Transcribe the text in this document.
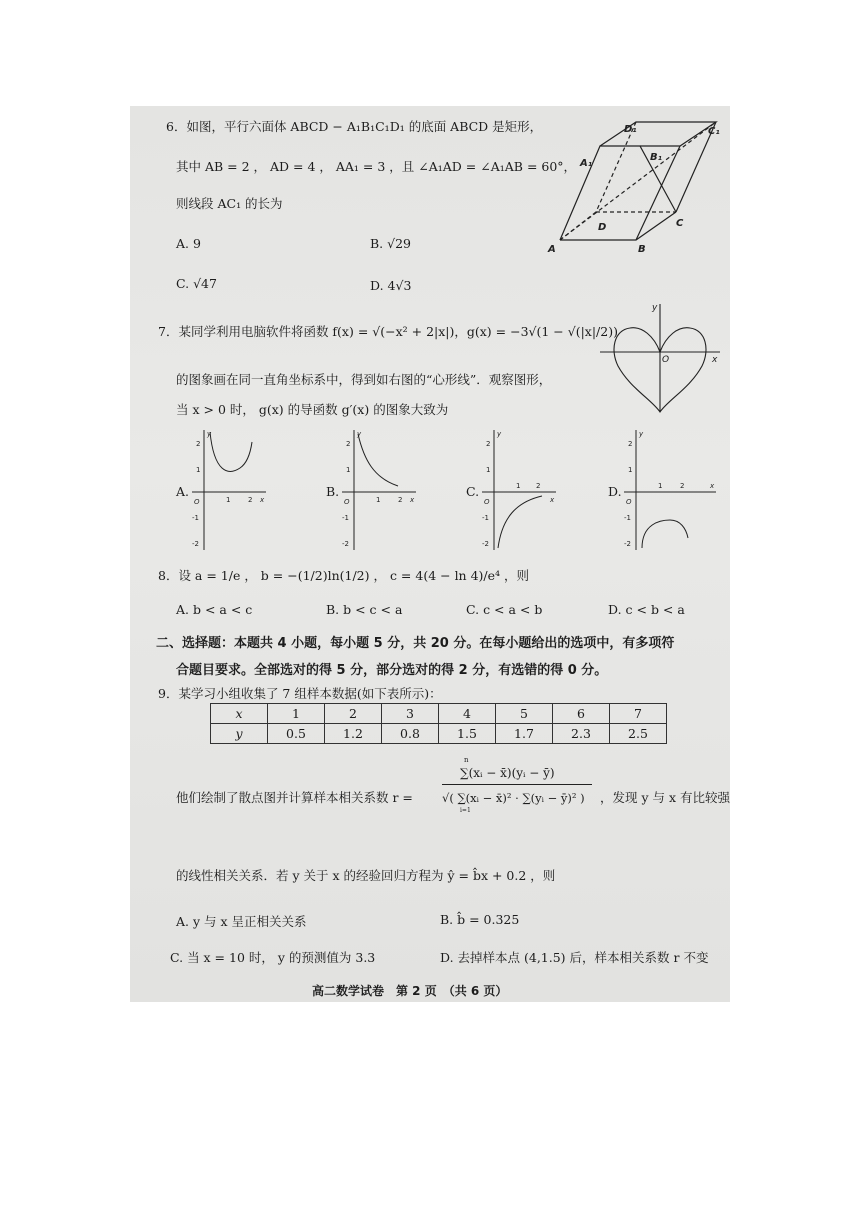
6．如图，平行六面体 ABCD − A₁B₁C₁D₁ 的底面 ABCD 是矩形，
其中 AB = 2 ， AD = 4 ， AA₁ = 3 ，且 ∠A₁AD = ∠A₁AB = 60°，
则线段 AC₁ 的长为
A. 9	B. √29
C. √47	D. 4√3
D₁	C₁
A₁
B₁
D	C
A	B
7．某同学利用电脑软件将函数 f(x) = √(−x² + 2|x|)，g(x) = −3√(1 − √(|x|/2))
的图象画在同一直角坐标系中，得到如右图的“心形线”．观察图形，
当 x > 0 时， g(x) 的导函数 g′(x) 的图象大致为
y
O	x
A.	B.	C.	D.
y
2
1
O	1	2 x
-1
-2
y
2
1
O	1	2 x
-1
-2
y
2
1
O
1 2
x
-1
-2
y
2
1
O
1	2	x
-1
-2
8．设 a = 1/e ， b = −(1/2)ln(1/2) ， c = 4(4 − ln 4)/e⁴ ，则
A. b < a < c	B. b < c < a	C. c < a < b	D. c < b < a
二、选择题：本题共 4 小题，每小题 5 分，共 20 分。在每小题给出的选项中，有多项符
合题目要求。全部选对的得 5 分，部分选对的得 2 分，有选错的得 0 分。
9．某学习小组收集了 7 组样本数据(如下表所示)：
x	1	2	3	4	5	6	7
y	0.5	1.2	0.8	1.5	1.7	2.3	2.5
他们绘制了散点图并计算样本相关系数 r =
n
∑(xᵢ − x̄)(yᵢ − ȳ)
√( ∑(xᵢ − x̄)² · ∑(yᵢ − ȳ)² )
i=1
，发现 y 与 x 有比较强
的线性相关关系．若 y 关于 x 的经验回归方程为 ŷ = b̂x + 0.2 ，则
A. y 与 x 呈正相关关系	B. b̂ = 0.325
C. 当 x = 10 时， y 的预测值为 3.3	D. 去掉样本点 (4,1.5) 后，样本相关系数 r 不变
高二数学试卷　第 2 页　（共 6 页）
